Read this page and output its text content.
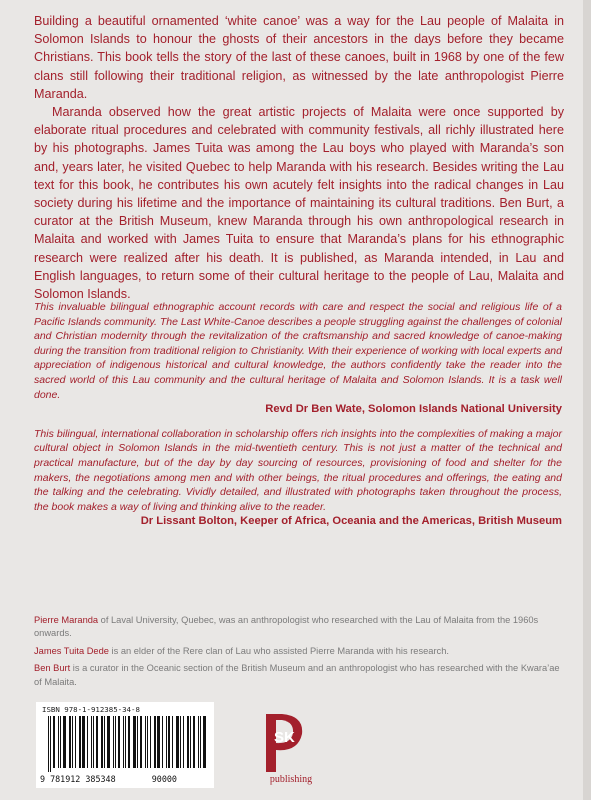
Building a beautiful ornamented ‘white canoe’ was a way for the Lau people of Malaita in Solomon Islands to honour the ghosts of their ancestors in the days before they became Christians. This book tells the story of the last of these canoes, built in 1968 by one of the few clans still following their traditional religion, as witnessed by the late anthropologist Pierre Maranda.

Maranda observed how the great artistic projects of Malaita were once supported by elaborate ritual procedures and celebrated with community festivals, all richly illustrated here by his photographs. James Tuita was among the Lau boys who played with Maranda’s son and, years later, he visited Quebec to help Maranda with his research. Besides writing the Lau text for this book, he contributes his own acutely felt insights into the radical changes in Lau society during his lifetime and the importance of maintaining its cultural traditions. Ben Burt, a curator at the British Museum, knew Maranda through his own anthropological research in Malaita and worked with James Tuita to ensure that Maranda’s plans for his ethnographic research were realized after his death. It is published, as Maranda intended, in Lau and English languages, to return some of their cultural heritage to the people of Lau, Malaita and Solomon Islands.

This invaluable bilingual ethnographic account records with care and respect the social and religious life of a Pacific Islands community. The Last White-Canoe describes a people struggling against the challenges of colonial and Christian modernity through the revitalization of the craftsmanship and sacred knowledge of canoe-making during the transition from traditional religion to Christianity. With their experience of working with local experts and appreciation of indigenous historical and cultural knowledge, the authors confidently take the reader into the sacred world of this Lau community and the cultural heritage of Malaita and Solomon Islands. It is a task well done.

Revd Dr Ben Wate, Solomon Islands National University

This bilingual, international collaboration in scholarship offers rich insights into the complexities of making a major cultural object in Solomon Islands in the mid-twentieth century. This is not just a matter of the technical and practical manufacture, but of the day by day sourcing of resources, provisioning of food and shelter for the makers, the negotiations among men and with other beings, the ritual procedures and offerings, the eating and the talking and the celebrating. Vividly detailed, and illustrated with photographs taken throughout the process, the book makes a way of living and thinking alive to the reader.

Dr Lissant Bolton, Keeper of Africa, Oceania and the Americas, British Museum

Pierre Maranda of Laval University, Quebec, was an anthropologist who researched with the Lau of Malaita from the 1960s onwards.

James Tuita Dede is an elder of the Rere clan of Lau who assisted Pierre Maranda with his research.

Ben Burt is a curator in the Oceanic section of the British Museum and an anthropologist who has researched with the Kwara’ae of Malaita.

ISBN 978-1-912385-34-8
9 781912 385348	90000
SK
publishing
